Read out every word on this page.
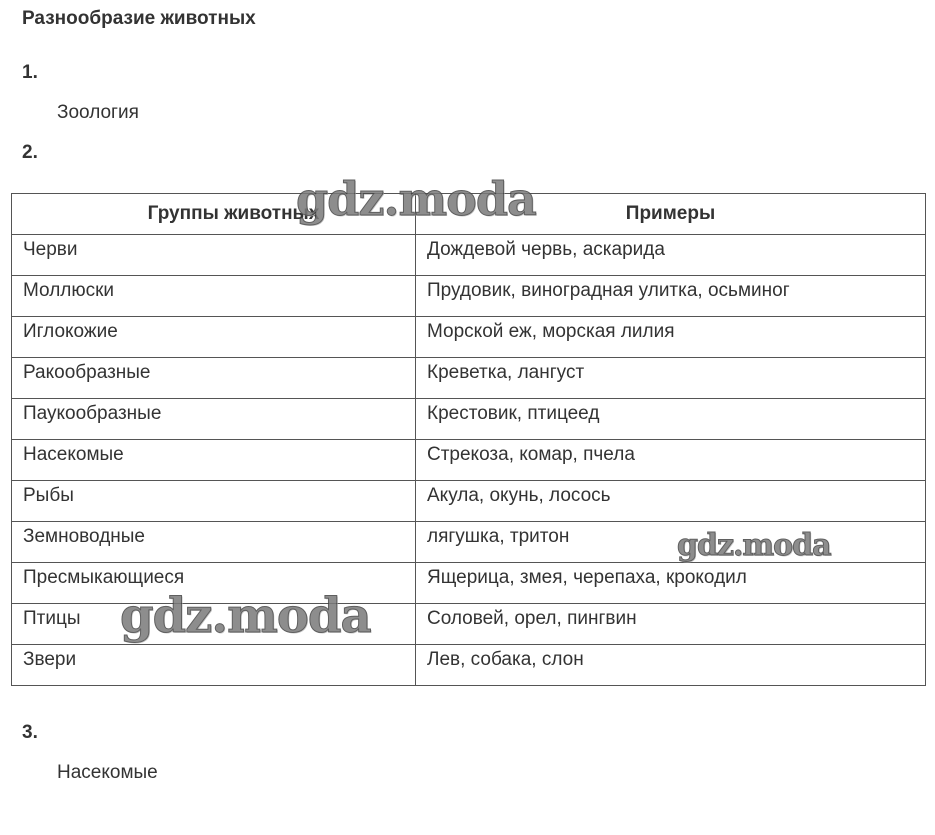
Разнообразие животных
1.
Зоология
2.
Группы животных	Примеры
Черви	Дождевой червь, аскарида
Моллюски	Прудовик, виноградная улитка, осьминог
Иглокожие	Морской еж, морская лилия
Ракообразные	Креветка, лангуст
Паукообразные	Крестовик, птицеед
Насекомые	Стрекоза, комар, пчела
Рыбы	Акула, окунь, лосось
Земноводные	лягушка, тритон
Пресмыкающиеся	Ящерица, змея, черепаха, крокодил
Птицы	Соловей, орел, пингвин
Звери	Лев, собака, слон
3.
Насекомые
gdz.moda
gdz.moda
gdz.moda
